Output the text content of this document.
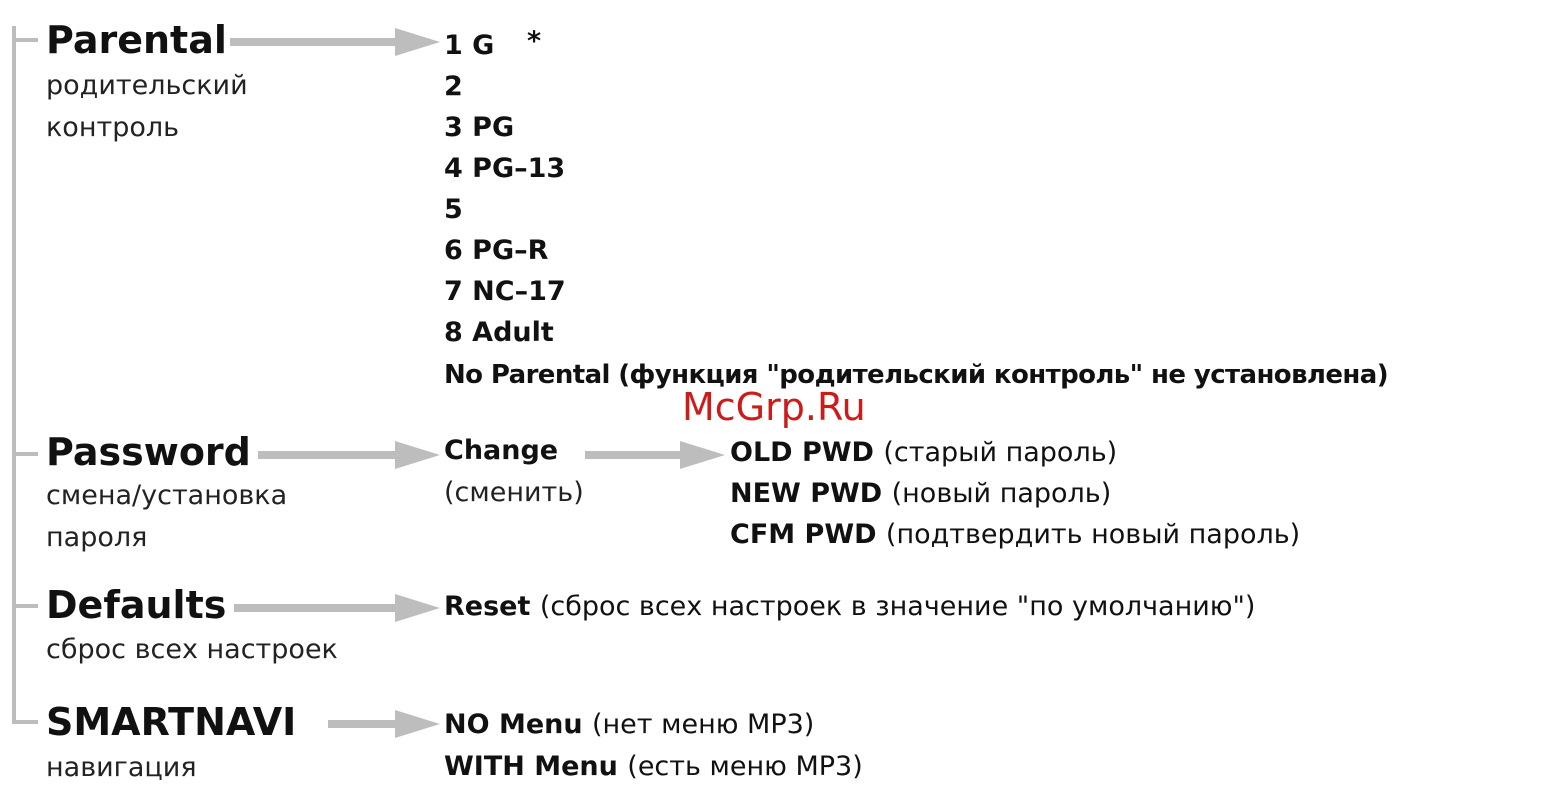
Parental
родительский
контроль
1 G *
2
3 PG
4 PG–13
5
6 PG–R
7 NC–17
8 Adult
No Parental (функция "родительский контроль" не установлена)
McGrp.Ru
Password
смена/установка
пароля
Change
(сменить)
OLD PWD (старый пароль)
NEW PWD (новый пароль)
CFM PWD (подтвердить новый пароль)
Defaults
сброс всех настроек
Reset (сброс всех настроек в значение "по умолчанию")
SMARTNAVI
навигация
NO Menu (нет меню МР3)
WITH Menu (есть меню МР3)
